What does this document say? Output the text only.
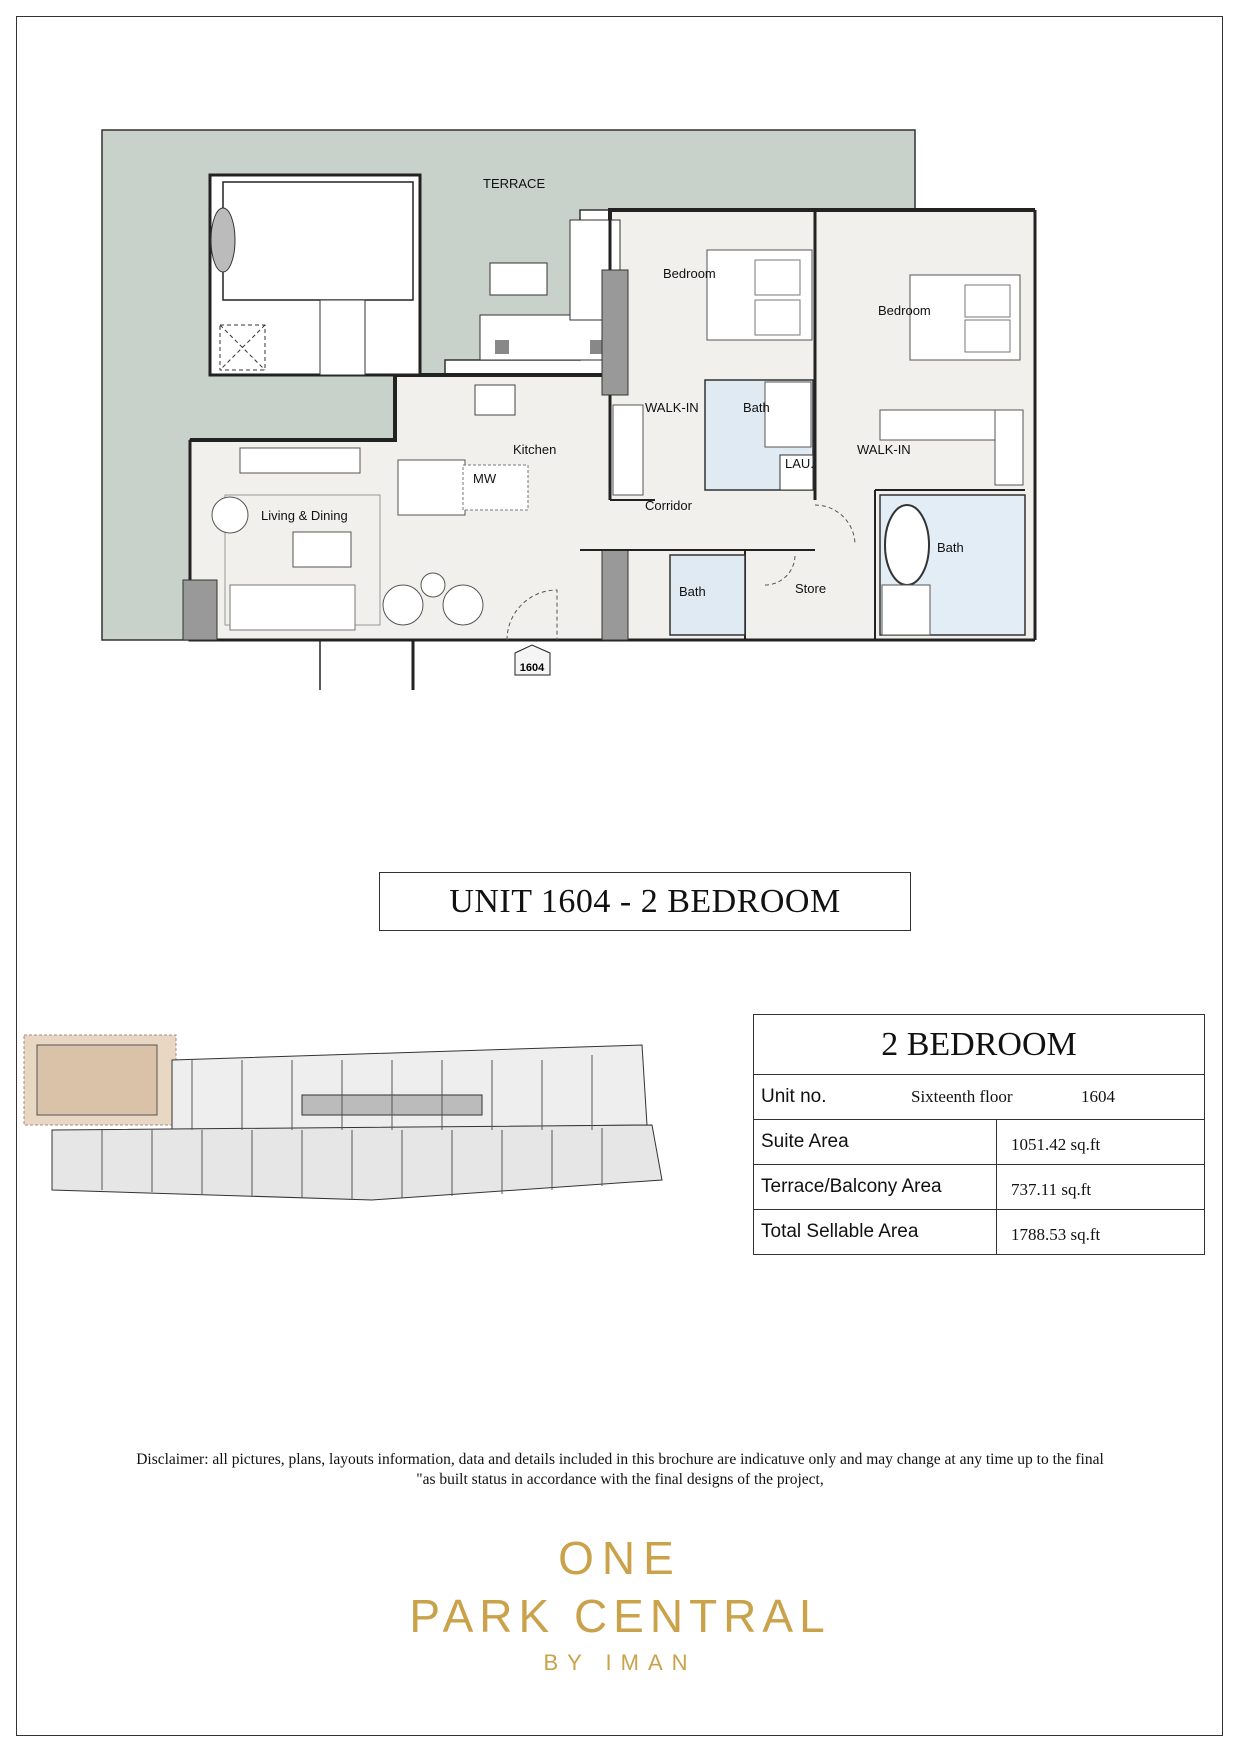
1604
TERRACE
Bedroom
Bedroom
WALK-IN	Bath
Kitchen
MW
LAU.
WALK-IN
Living & Dining
Corridor
Bath
Bath	Store
UNIT 1604 - 2 BEDROOM
2 BEDROOM
Unit no.	Sixteenth floor	1604
Suite Area	1051.42 sq.ft
Terrace/Balcony Area	737.11 sq.ft
Total Sellable Area	1788.53 sq.ft
Disclaimer: all pictures, plans, layouts information, data and details included in this brochure are indicatuve only and may change at any time up to the final
"as built status in accordance with the final designs of the project,
ONE
PARK CENTRAL
BY IMAN
